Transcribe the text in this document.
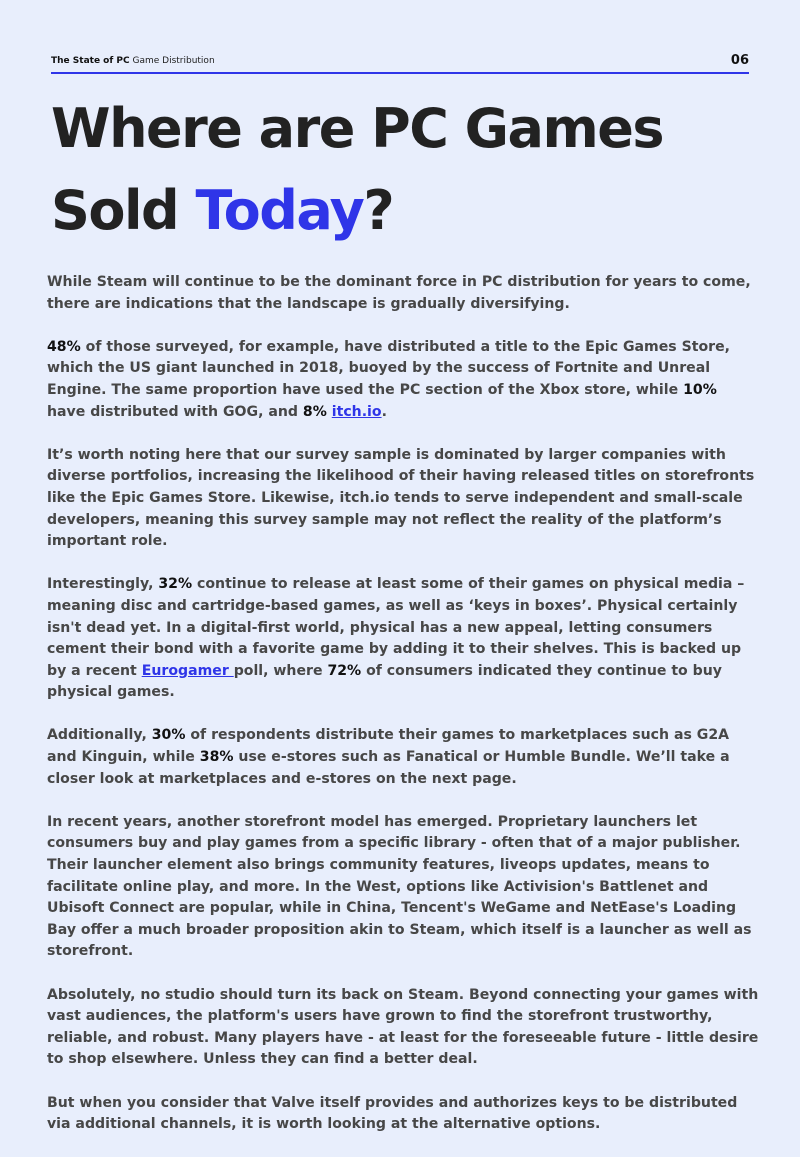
The State of PC Game Distribution	06
Where are PC Games
Sold Today?

While Steam will continue to be the dominant force in PC distribution for years to come, there are indications that the landscape is gradually diversifying.

48% of those surveyed, for example, have distributed a title to the Epic Games Store, which the US giant launched in 2018, buoyed by the success of Fortnite and Unreal Engine. The same proportion have used the PC section of the Xbox store, while 10% have distributed with GOG, and 8% itch.io.

It’s worth noting here that our survey sample is dominated by larger companies with diverse portfolios, increasing the likelihood of their having released titles on storefronts like the Epic Games Store. Likewise, itch.io tends to serve independent and small-scale developers, meaning this survey sample may not reflect the reality of the platform’s important role.

Interestingly, 32% continue to release at least some of their games on physical media – meaning disc and cartridge-based games, as well as ‘keys in boxes’. Physical certainly isn't dead yet. In a digital-first world, physical has a new appeal, letting consumers cement their bond with a favorite game by adding it to their shelves. This is backed up by a recent Eurogamer poll, where 72% of consumers indicated they continue to buy physical games.

Additionally, 30% of respondents distribute their games to marketplaces such as G2A and Kinguin, while 38% use e-stores such as Fanatical or Humble Bundle. We’ll take a closer look at marketplaces and e-stores on the next page.

In recent years, another storefront model has emerged. Proprietary launchers let consumers buy and play games from a specific library - often that of a major publisher. Their launcher element also brings community features, liveops updates, means to facilitate online play, and more. In the West, options like Activision's Battlenet and Ubisoft Connect are popular, while in China, Tencent's WeGame and NetEase's Loading Bay offer a much broader proposition akin to Steam, which itself is a launcher as well as storefront.

Absolutely, no studio should turn its back on Steam. Beyond connecting your games with vast audiences, the platform's users have grown to find the storefront trustworthy, reliable, and robust. Many players have - at least for the foreseeable future - little desire to shop elsewhere. Unless they can find a better deal.

But when you consider that Valve itself provides and authorizes keys to be distributed via additional channels, it is worth looking at the alternative options.
